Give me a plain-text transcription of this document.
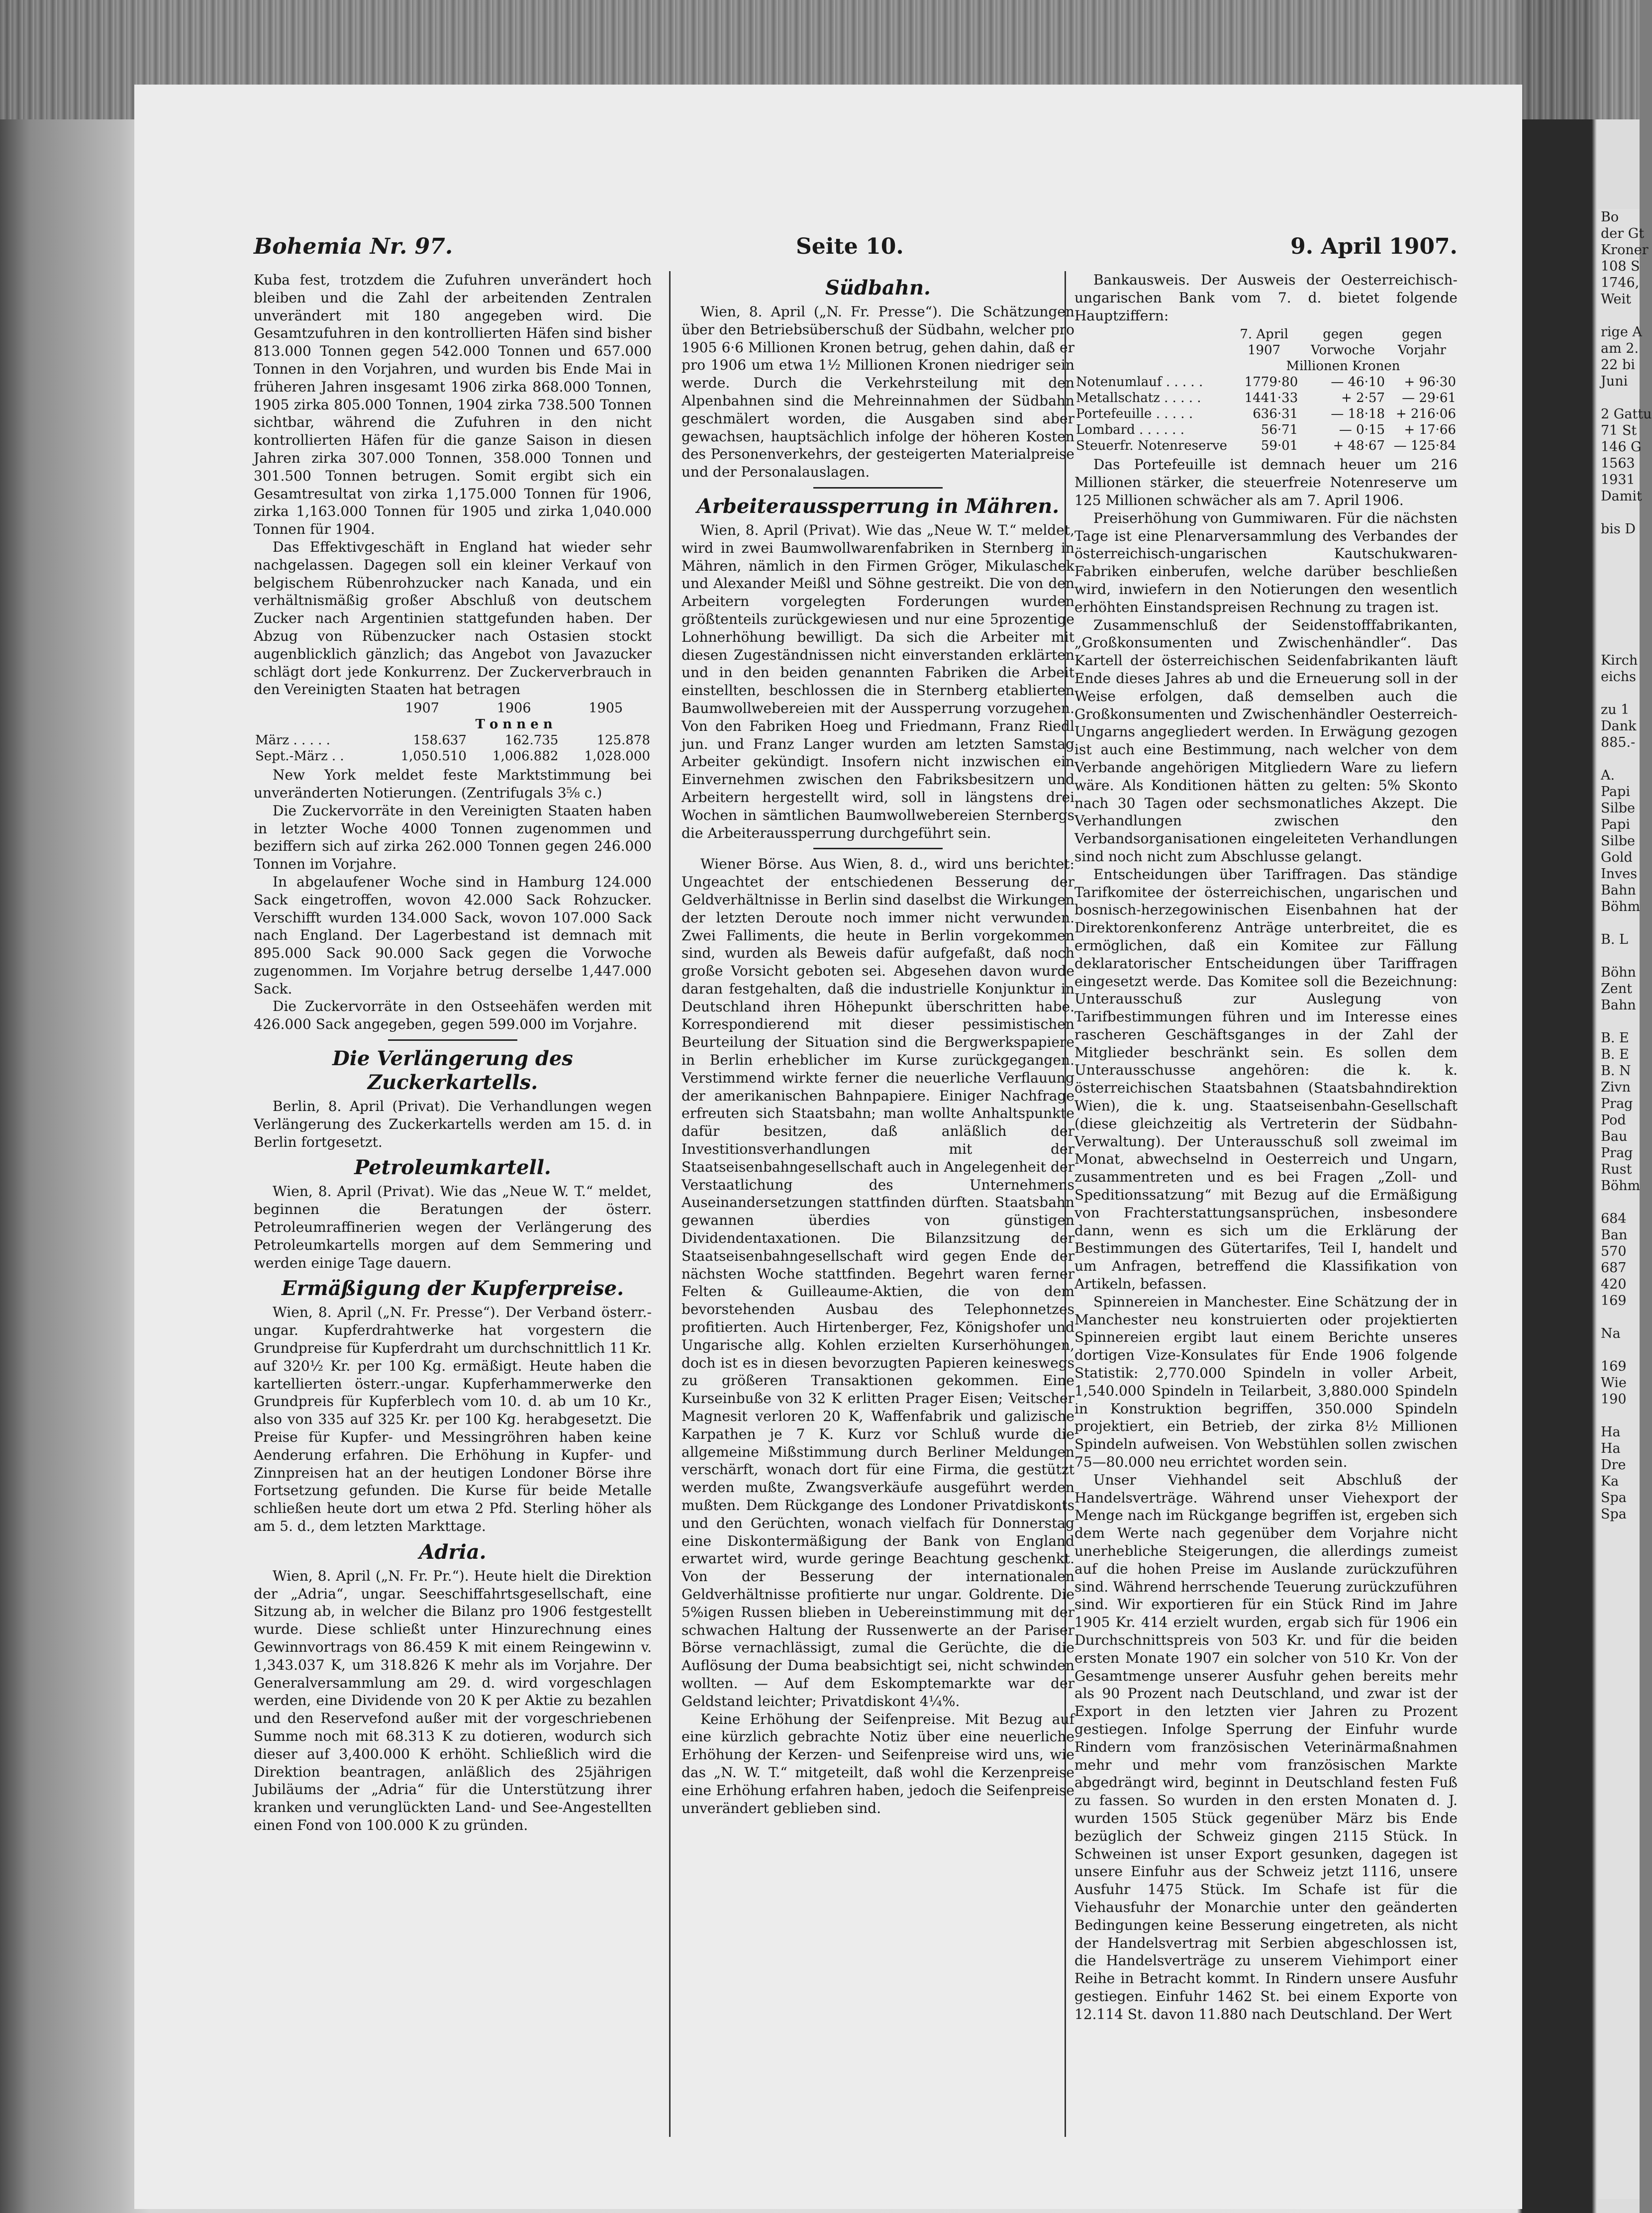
Bo
der Gt
Kroner
108 S
1746,
Weit

rige A
am 2.
22 bi
Juni

2 Gattu
71 St
146 G
1563
1931
Damit

bis D

Kirch
eichs

zu 1
Dank
885.-

A.
Papi
Silbe
Papi
Silbe
Gold
Inves
Bahn
Böhm

B. L

Böhn
Zent
Bahn

B. E
B. E
B. N
Zivn
Prag
Pod
Bau
Prag
Rust
Böhm

684
Ban
570
687
420
169

Na

169
Wie
190

Ha
Ha
Dre
Ka
Spa
Spa
Bohemia Nr. 97.	Seite 10.	9. April 1907.

Kuba fest, trotzdem die Zufuhren unverändert hoch bleiben und die Zahl der arbeitenden Zentralen unverändert mit 180 angegeben wird. Die Gesamtzufuhren in den kontrollierten Häfen sind bisher 813.000 Tonnen gegen 542.000 Tonnen und 657.000 Tonnen in den Vorjahren, und wurden bis Ende Mai in früheren Jahren insgesamt 1906 zirka 868.000 Tonnen, 1905 zirka 805.000 Tonnen, 1904 zirka 738.500 Tonnen sichtbar, während die Zufuhren in den nicht kontrollierten Häfen für die ganze Saison in diesen Jahren zirka 307.000 Tonnen, 358.000 Tonnen und 301.500 Tonnen betrugen. Somit ergibt sich ein Gesamtresultat von zirka 1,175.000 Tonnen für 1906, zirka 1,163.000 Tonnen für 1905 und zirka 1,040.000 Tonnen für 1904.

Das Effektivgeschäft in England hat wieder sehr nachgelassen. Dagegen soll ein kleiner Verkauf von belgischem Rübenrohzucker nach Kanada, und ein verhältnismäßig großer Abschluß von deutschem Zucker nach Argentinien stattgefunden haben. Der Abzug von Rübenzucker nach Ostasien stockt augenblicklich gänzlich; das Angebot von Javazucker schlägt dort jede Konkurrenz. Der Zuckerverbrauch in den Vereinigten Staaten hat betragen

	1907	1906	1905
	T o n n e n		
März . . . . .	158.637	162.735	125.878
Sept.-März . .	1,050.510	1,006.882	1,028.000

New York meldet feste Marktstimmung bei unveränderten Notierungen. (Zentrifugals 3⁵⁄₈ c.)

Die Zuckervorräte in den Vereinigten Staaten haben in letzter Woche 4000 Tonnen zugenommen und beziffern sich auf zirka 262.000 Tonnen gegen 246.000 Tonnen im Vorjahre.

In abgelaufener Woche sind in Hamburg 124.000 Sack eingetroffen, wovon 42.000 Sack Rohzucker. Verschifft wurden 134.000 Sack, wovon 107.000 Sack nach England. Der Lagerbestand ist demnach mit 895.000 Sack 90.000 Sack gegen die Vorwoche zugenommen. Im Vorjahre betrug derselbe 1,447.000 Sack.

Die Zuckervorräte in den Ostseehäfen werden mit 426.000 Sack angegeben, gegen 599.000 im Vorjahre.

Die Verlängerung des Zuckerkartells.

Berlin, 8. April (Privat). Die Verhandlungen wegen Verlängerung des Zuckerkartells werden am 15. d. in Berlin fortgesetzt.

Petroleumkartell.

Wien, 8. April (Privat). Wie das „Neue W. T.“ meldet, beginnen die Beratungen der österr. Petroleumraffinerien wegen der Verlängerung des Petroleumkartells morgen auf dem Semmering und werden einige Tage dauern.

Ermäßigung der Kupferpreise.

Wien, 8. April („N. Fr. Presse“). Der Verband österr.-ungar. Kupferdrahtwerke hat vorgestern die Grundpreise für Kupferdraht um durchschnittlich 11 Kr. auf 320½ Kr. per 100 Kg. ermäßigt. Heute haben die kartellierten österr.-ungar. Kupferhammerwerke den Grundpreis für Kupferblech vom 10. d. ab um 10 Kr., also von 335 auf 325 Kr. per 100 Kg. herabgesetzt. Die Preise für Kupfer- und Messingröhren haben keine Aenderung erfahren. Die Erhöhung in Kupfer- und Zinnpreisen hat an der heutigen Londoner Börse ihre Fortsetzung gefunden. Die Kurse für beide Metalle schließen heute dort um etwa 2 Pfd. Sterling höher als am 5. d., dem letzten Markttage.

Adria.

Wien, 8. April („N. Fr. Pr.“). Heute hielt die Direktion der „Adria“, ungar. Seeschiffahrtsgesellschaft, eine Sitzung ab, in welcher die Bilanz pro 1906 festgestellt wurde. Diese schließt unter Hinzurechnung eines Gewinnvortrags von 86.459 K mit einem Reingewinn v. 1,343.037 K, um 318.826 K mehr als im Vorjahre. Der Generalversammlung am 29. d. wird vorgeschlagen werden, eine Dividende von 20 K per Aktie zu bezahlen und den Reservefond außer mit der vorgeschriebenen Summe noch mit 68.313 K zu dotieren, wodurch sich dieser auf 3,400.000 K erhöht. Schließlich wird die Direktion beantragen, anläßlich des 25jährigen Jubiläums der „Adria“ für die Unterstützung ihrer kranken und verunglückten Land- und See-Angestellten einen Fond von 100.000 K zu gründen.

Südbahn.

Wien, 8. April („N. Fr. Presse“). Die Schätzungen über den Betriebsüberschuß der Südbahn, welcher pro 1905 6·6 Millionen Kronen betrug, gehen dahin, daß er pro 1906 um etwa 1½ Millionen Kronen niedriger sein werde. Durch die Verkehrsteilung mit den Alpenbahnen sind die Mehreinnahmen der Südbahn geschmälert worden, die Ausgaben sind aber gewachsen, hauptsächlich infolge der höheren Kosten des Personenverkehrs, der gesteigerten Materialpreise und der Personalauslagen.

Arbeiteraussperrung in Mähren.

Wien, 8. April (Privat). Wie das „Neue W. T.“ meldet, wird in zwei Baumwollwarenfabriken in Sternberg in Mähren, nämlich in den Firmen Gröger, Mikulaschek und Alexander Meißl und Söhne gestreikt. Die von den Arbeitern vorgelegten Forderungen wurden größtenteils zurückgewiesen und nur eine 5prozentige Lohnerhöhung bewilligt. Da sich die Arbeiter mit diesen Zugeständnissen nicht einverstanden erklärten und in den beiden genannten Fabriken die Arbeit einstellten, beschlossen die in Sternberg etablierten Baumwollwebereien mit der Aussperrung vorzugehen. Von den Fabriken Hoeg und Friedmann, Franz Riedl jun. und Franz Langer wurden am letzten Samstag Arbeiter gekündigt. Insofern nicht inzwischen ein Einvernehmen zwischen den Fabriksbesitzern und Arbeitern hergestellt wird, soll in längstens drei Wochen in sämtlichen Baumwollwebereien Sternbergs die Arbeiteraussperrung durchgeführt sein.

Wiener Börse. Aus Wien, 8. d., wird uns berichtet: Ungeachtet der entschiedenen Besserung der Geldverhältnisse in Berlin sind daselbst die Wirkungen der letzten Deroute noch immer nicht verwunden. Zwei Falliments, die heute in Berlin vorgekommen sind, wurden als Beweis dafür aufgefaßt, daß noch große Vorsicht geboten sei. Abgesehen davon wurde daran festgehalten, daß die industrielle Konjunktur in Deutschland ihren Höhepunkt überschritten habe. Korrespondierend mit dieser pessimistischen Beurteilung der Situation sind die Bergwerkspapiere in Berlin erheblicher im Kurse zurückgegangen. Verstimmend wirkte ferner die neuerliche Verflauung der amerikanischen Bahnpapiere. Einiger Nachfrage erfreuten sich Staatsbahn; man wollte Anhaltspunkte dafür besitzen, daß anläßlich der Investitionsverhandlungen mit der Staatseisenbahngesellschaft auch in Angelegenheit der Verstaatlichung des Unternehmens Auseinandersetzungen stattfinden dürften. Staatsbahn gewannen überdies von günstigen Dividendentaxationen. Die Bilanzsitzung der Staatseisenbahngesellschaft wird gegen Ende der nächsten Woche stattfinden. Begehrt waren ferner Felten & Guilleaume-Aktien, die von dem bevorstehenden Ausbau des Telephonnetzes profitierten. Auch Hirtenberger, Fez, Königshofer und Ungarische allg. Kohlen erzielten Kurserhöhungen, doch ist es in diesen bevorzugten Papieren keineswegs zu größeren Transaktionen gekommen. Eine Kurseinbuße von 32 K erlitten Prager Eisen; Veitscher Magnesit verloren 20 K, Waffenfabrik und galizische Karpathen je 7 K. Kurz vor Schluß wurde die allgemeine Mißstimmung durch Berliner Meldungen verschärft, wonach dort für eine Firma, die gestützt werden mußte, Zwangsverkäufe ausgeführt werden mußten. Dem Rückgange des Londoner Privatdiskonts und den Gerüchten, wonach vielfach für Donnerstag eine Diskontermäßigung der Bank von England erwartet wird, wurde geringe Beachtung geschenkt. Von der Besserung der internationalen Geldverhältnisse profitierte nur ungar. Goldrente. Die 5%igen Russen blieben in Uebereinstimmung mit der schwachen Haltung der Russenwerte an der Pariser Börse vernachlässigt, zumal die Gerüchte, die die Auflösung der Duma beabsichtigt sei, nicht schwinden wollten. — Auf dem Eskomptemarkte war der Geldstand leichter; Privatdiskont 4¼%.

Keine Erhöhung der Seifenpreise. Mit Bezug auf eine kürzlich gebrachte Notiz über eine neuerliche Erhöhung der Kerzen- und Seifenpreise wird uns, wie das „N. W. T.“ mitgeteilt, daß wohl die Kerzenpreise eine Erhöhung erfahren haben, jedoch die Seifenpreise unverändert geblieben sind.

Bankausweis. Der Ausweis der Oesterreichisch-ungarischen Bank vom 7. d. bietet folgende Hauptziffern:

	7. April 1907	gegen Vorwoche	gegen Vorjahr
	Millionen Kronen		
Notenumlauf . . . . .	1779·80	— 46·10	+ 96·30
Metallschatz . . . . .	1441·33	+ 2·57	— 29·61
Portefeuille . . . . .	636·31	— 18·18	+ 216·06
Lombard . . . . . .	56·71	— 0·15	+ 17·66
Steuerfr. Notenreserve	59·01	+ 48·67	— 125·84

Das Portefeuille ist demnach heuer um 216 Millionen stärker, die steuerfreie Notenreserve um 125 Millionen schwächer als am 7. April 1906.

Preiserhöhung von Gummiwaren. Für die nächsten Tage ist eine Plenarversammlung des Verbandes der österreichisch-ungarischen Kautschukwaren-Fabriken einberufen, welche darüber beschließen wird, inwiefern in den Notierungen den wesentlich erhöhten Einstandspreisen Rechnung zu tragen ist.

Zusammenschluß der Seidenstofffabrikanten, „Großkonsumenten und Zwischenhändler“. Das Kartell der österreichischen Seidenfabrikanten läuft Ende dieses Jahres ab und die Erneuerung soll in der Weise erfolgen, daß demselben auch die Großkonsumenten und Zwischenhändler Oesterreich-Ungarns angegliedert werden. In Erwägung gezogen ist auch eine Bestimmung, nach welcher von dem Verbande angehörigen Mitgliedern Ware zu liefern wäre. Als Konditionen hätten zu gelten: 5% Skonto nach 30 Tagen oder sechsmonatliches Akzept. Die Verhandlungen zwischen den Verbandsorganisationen eingeleiteten Verhandlungen sind noch nicht zum Abschlusse gelangt.

Entscheidungen über Tariffragen. Das ständige Tarifkomitee der österreichischen, ungarischen und bosnisch-herzegowinischen Eisenbahnen hat der Direktorenkonferenz Anträge unterbreitet, die es ermöglichen, daß ein Komitee zur Fällung deklaratorischer Entscheidungen über Tariffragen eingesetzt werde. Das Komitee soll die Bezeichnung: Unterausschuß zur Auslegung von Tarifbestimmungen führen und im Interesse eines rascheren Geschäftsganges in der Zahl der Mitglieder beschränkt sein. Es sollen dem Unterausschusse angehören: die k. k. österreichischen Staatsbahnen (Staatsbahndirektion Wien), die k. ung. Staatseisenbahn-Gesellschaft (diese gleichzeitig als Vertreterin der Südbahn-Verwaltung). Der Unterausschuß soll zweimal im Monat, abwechselnd in Oesterreich und Ungarn, zusammentreten und es bei Fragen „Zoll- und Speditionssatzung“ mit Bezug auf die Ermäßigung von Frachterstattungsansprüchen, insbesondere dann, wenn es sich um die Erklärung der Bestimmungen des Gütertarifes, Teil I, handelt und um Anfragen, betreffend die Klassifikation von Artikeln, befassen.

Spinnereien in Manchester. Eine Schätzung der in Manchester neu konstruierten oder projektierten Spinnereien ergibt laut einem Berichte unseres dortigen Vize-Konsulates für Ende 1906 folgende Statistik: 2,770.000 Spindeln in voller Arbeit, 1,540.000 Spindeln in Teilarbeit, 3,880.000 Spindeln in Konstruktion begriffen, 350.000 Spindeln projektiert, ein Betrieb, der zirka 8½ Millionen Spindeln aufweisen. Von Webstühlen sollen zwischen 75—80.000 neu errichtet worden sein.

Unser Viehhandel seit Abschluß der Handelsverträge. Während unser Viehexport der Menge nach im Rückgange begriffen ist, ergeben sich dem Werte nach gegenüber dem Vorjahre nicht unerhebliche Steigerungen, die allerdings zumeist auf die hohen Preise im Auslande zurückzuführen sind. Während herrschende Teuerung zurückzuführen sind. Wir exportieren für ein Stück Rind im Jahre 1905 Kr. 414 erzielt wurden, ergab sich für 1906 ein Durchschnittspreis von 503 Kr. und für die beiden ersten Monate 1907 ein solcher von 510 Kr. Von der Gesamtmenge unserer Ausfuhr gehen bereits mehr als 90 Prozent nach Deutschland, und zwar ist der Export in den letzten vier Jahren zu Prozent gestiegen. Infolge Sperrung der Einfuhr wurde Rindern vom französischen Veterinärmaßnahmen mehr und mehr vom französischen Markte abgedrängt wird, beginnt in Deutschland festen Fuß zu fassen. So wurden in den ersten Monaten d. J. wurden 1505 Stück gegenüber März bis Ende bezüglich der Schweiz gingen 2115 Stück. In Schweinen ist unser Export gesunken, dagegen ist unsere Einfuhr aus der Schweiz jetzt 1116, unsere Ausfuhr 1475 Stück. Im Schafe ist für die Viehausfuhr der Monarchie unter den geänderten Bedingungen keine Besserung eingetreten, als nicht der Handelsvertrag mit Serbien abgeschlossen ist, die Handelsverträge zu unserem Viehimport einer Reihe in Betracht kommt. In Rindern unsere Ausfuhr gestiegen. Einfuhr 1462 St. bei einem Exporte von 12.114 St. davon 11.880 nach Deutschland. Der Wert
